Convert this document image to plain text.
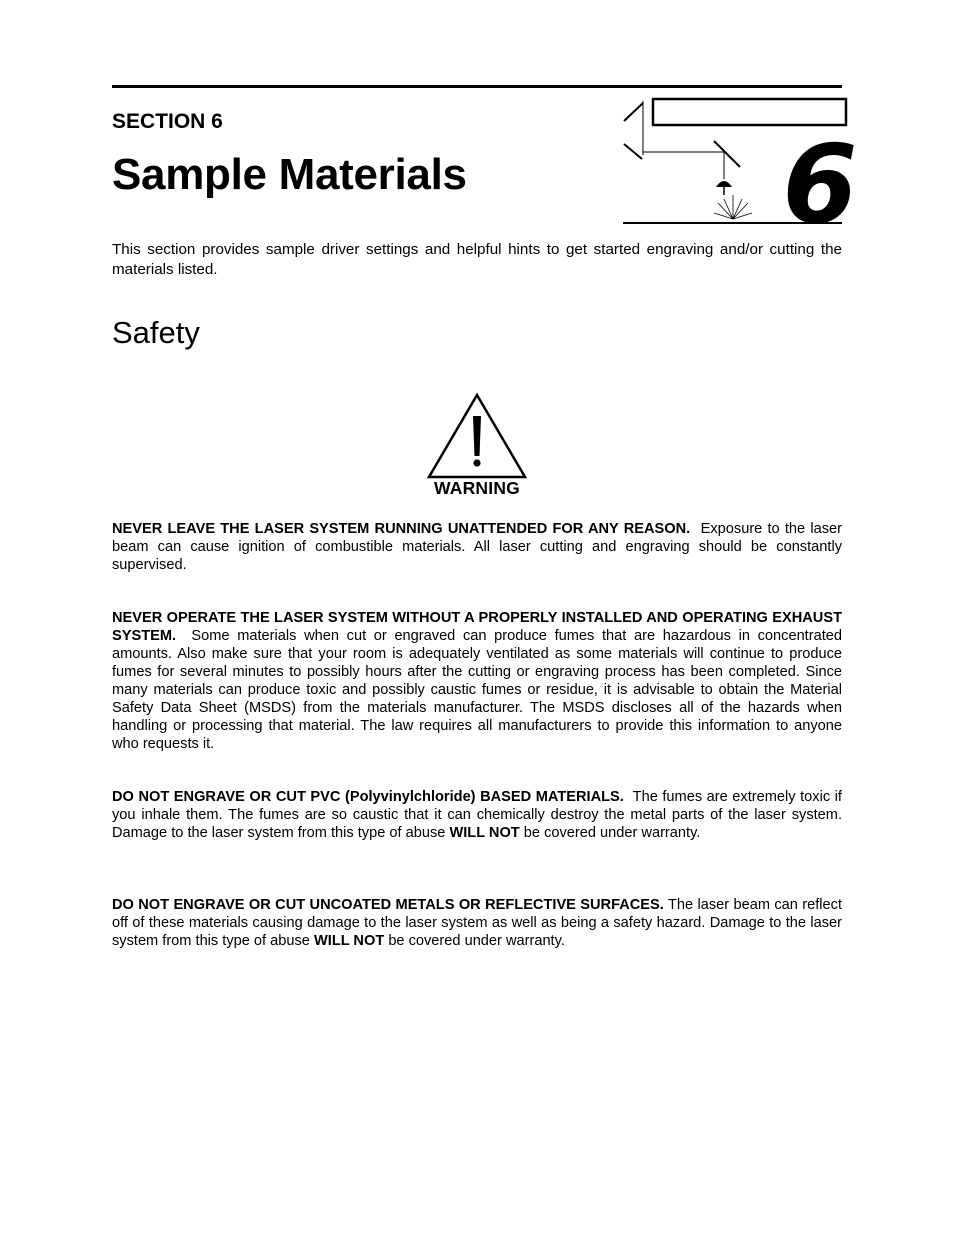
SECTION 6
Sample Materials	6

This section provides sample driver settings and helpful hints to get started engraving and/or cutting the materials listed.

Safety
WARNING

NEVER LEAVE THE LASER SYSTEM RUNNING UNATTENDED FOR ANY REASON. Exposure to the laser beam can cause ignition of combustible materials. All laser cutting and engraving should be constantly supervised.

NEVER OPERATE THE LASER SYSTEM WITHOUT A PROPERLY INSTALLED AND OPERATING EXHAUST SYSTEM. Some materials when cut or engraved can produce fumes that are hazardous in concentrated amounts. Also make sure that your room is adequately ventilated as some materials will continue to produce fumes for several minutes to possibly hours after the cutting or engraving process has been completed. Since many materials can produce toxic and possibly caustic fumes or residue, it is advisable to obtain the Material Safety Data Sheet (MSDS) from the materials manufacturer. The MSDS discloses all of the hazards when handling or processing that material. The law requires all manufacturers to provide this information to anyone who requests it.

DO NOT ENGRAVE OR CUT PVC (Polyvinylchloride) BASED MATERIALS. The fumes are extremely toxic if you inhale them. The fumes are so caustic that it can chemically destroy the metal parts of the laser system. Damage to the laser system from this type of abuse WILL NOT be covered under warranty.

DO NOT ENGRAVE OR CUT UNCOATED METALS OR REFLECTIVE SURFACES. The laser beam can reflect off of these materials causing damage to the laser system as well as being a safety hazard. Damage to the laser system from this type of abuse WILL NOT be covered under warranty.
